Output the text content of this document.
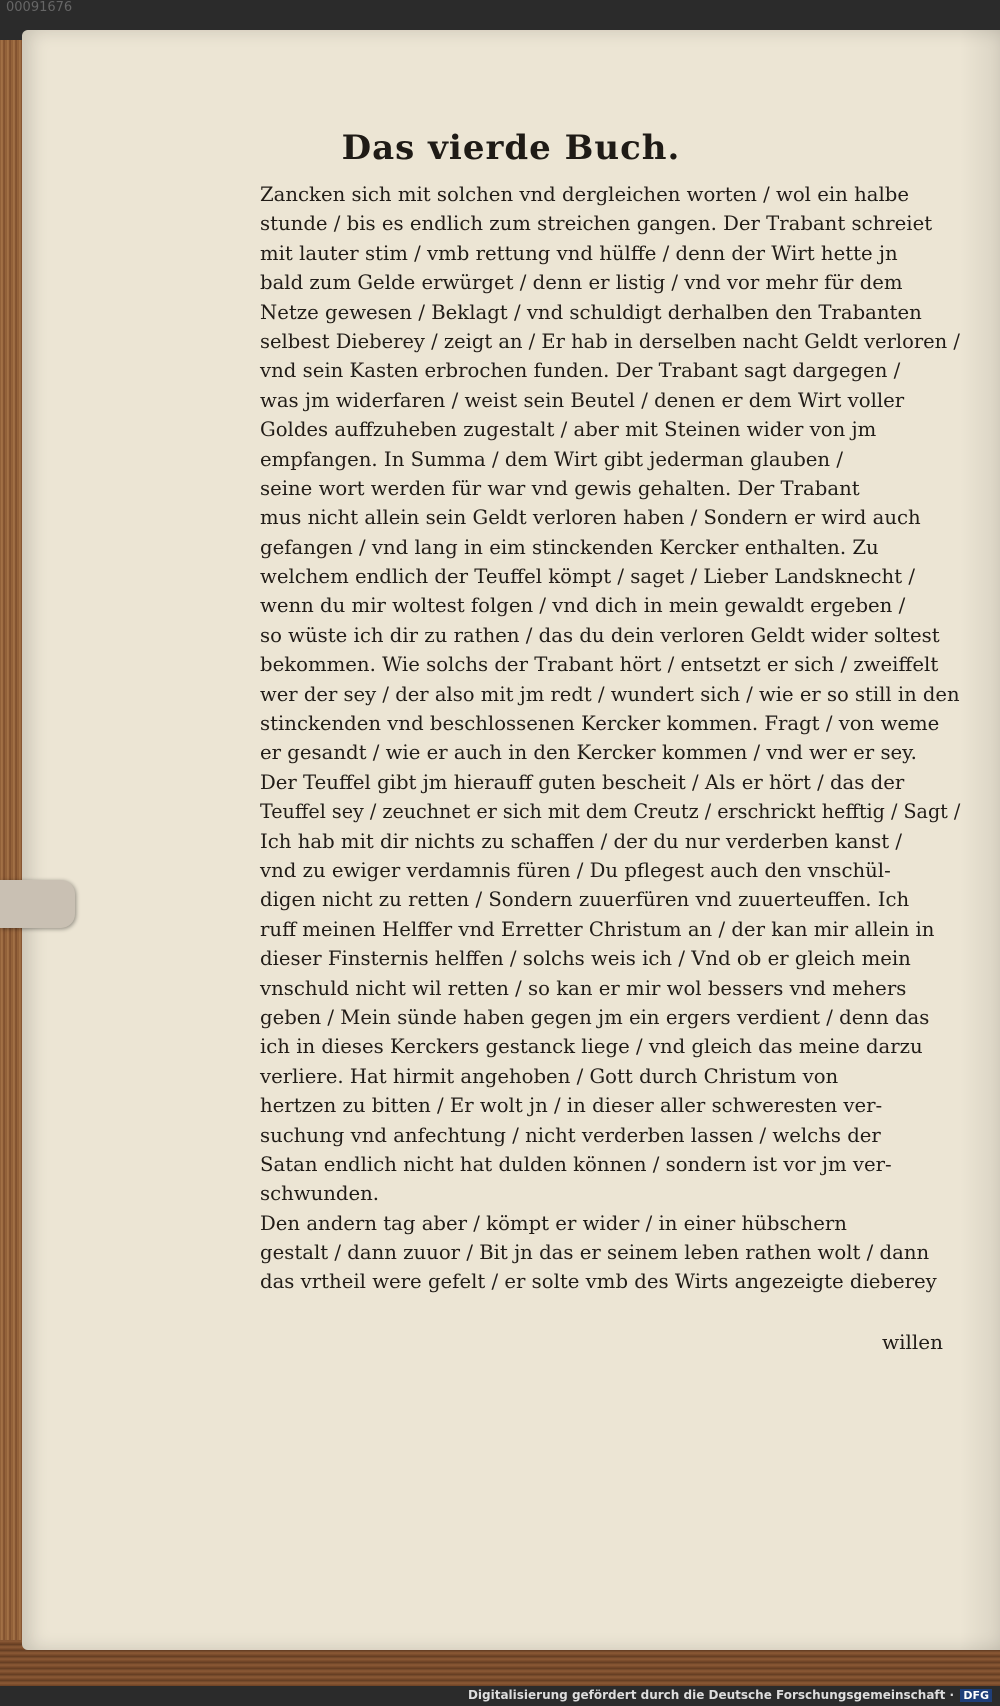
00091676
Das vierde Buch.
Zancken sich mit solchen vnd dergleichen worten / wol ein halbe
stunde / bis es endlich zum streichen gangen. Der Trabant schreiet
mit lauter stim / vmb rettung vnd hülffe / denn der Wirt hette jn
bald zum Gelde erwürget / denn er listig / vnd vor mehr für dem
Netze gewesen / Beklagt / vnd schuldigt derhalben den Trabanten
selbest Dieberey / zeigt an / Er hab in derselben nacht Geldt verloren /
vnd sein Kasten erbrochen funden. Der Trabant sagt dargegen /
was jm widerfaren / weist sein Beutel / denen er dem Wirt voller
Goldes auffzuheben zugestalt / aber mit Steinen wider von jm
empfangen. In Summa / dem Wirt gibt jederman glauben /
seine wort werden für war vnd gewis gehalten. Der Trabant
mus nicht allein sein Geldt verloren haben / Sondern er wird auch
gefangen / vnd lang in eim stinckenden Kercker enthalten. Zu
welchem endlich der Teuffel kömpt / saget / Lieber Landsknecht /
wenn du mir woltest folgen / vnd dich in mein gewaldt ergeben /
so wüste ich dir zu rathen / das du dein verloren Geldt wider soltest
bekommen. Wie solchs der Trabant hört / entsetzt er sich / zweiffelt
wer der sey / der also mit jm redt / wundert sich / wie er so still in den
stinckenden vnd beschlossenen Kercker kommen. Fragt / von weme
er gesandt / wie er auch in den Kercker kommen / vnd wer er sey.
Der Teuffel gibt jm hierauff guten bescheit / Als er hört / das der
Teuffel sey / zeuchnet er sich mit dem Creutz / erschrickt hefftig / Sagt /
Ich hab mit dir nichts zu schaffen / der du nur verderben kanst /
vnd zu ewiger verdamnis füren / Du pflegest auch den vnschül-
digen nicht zu retten / Sondern zuuerfüren vnd zuuerteuffen. Ich
ruff meinen Helffer vnd Erretter Christum an / der kan mir allein in
dieser Finsternis helffen / solchs weis ich / Vnd ob er gleich mein
vnschuld nicht wil retten / so kan er mir wol bessers vnd mehers
geben / Mein sünde haben gegen jm ein ergers verdient / denn das
ich in dieses Kerckers gestanck liege / vnd gleich das meine darzu
verliere. Hat hirmit angehoben / Gott durch Christum von
hertzen zu bitten / Er wolt jn / in dieser aller schweresten ver-
suchung vnd anfechtung / nicht verderben lassen / welchs der
Satan endlich nicht hat dulden können / sondern ist vor jm ver-
schwunden.
Den andern tag aber / kömpt er wider / in einer hübschern
gestalt / dann zuuor / Bit jn das er seinem leben rathen wolt / dann
das vrtheil were gefelt / er solte vmb des Wirts angezeigte dieberey
willen
Digitalisierung gefördert durch die Deutsche Forschungsgemeinschaft · DFG
